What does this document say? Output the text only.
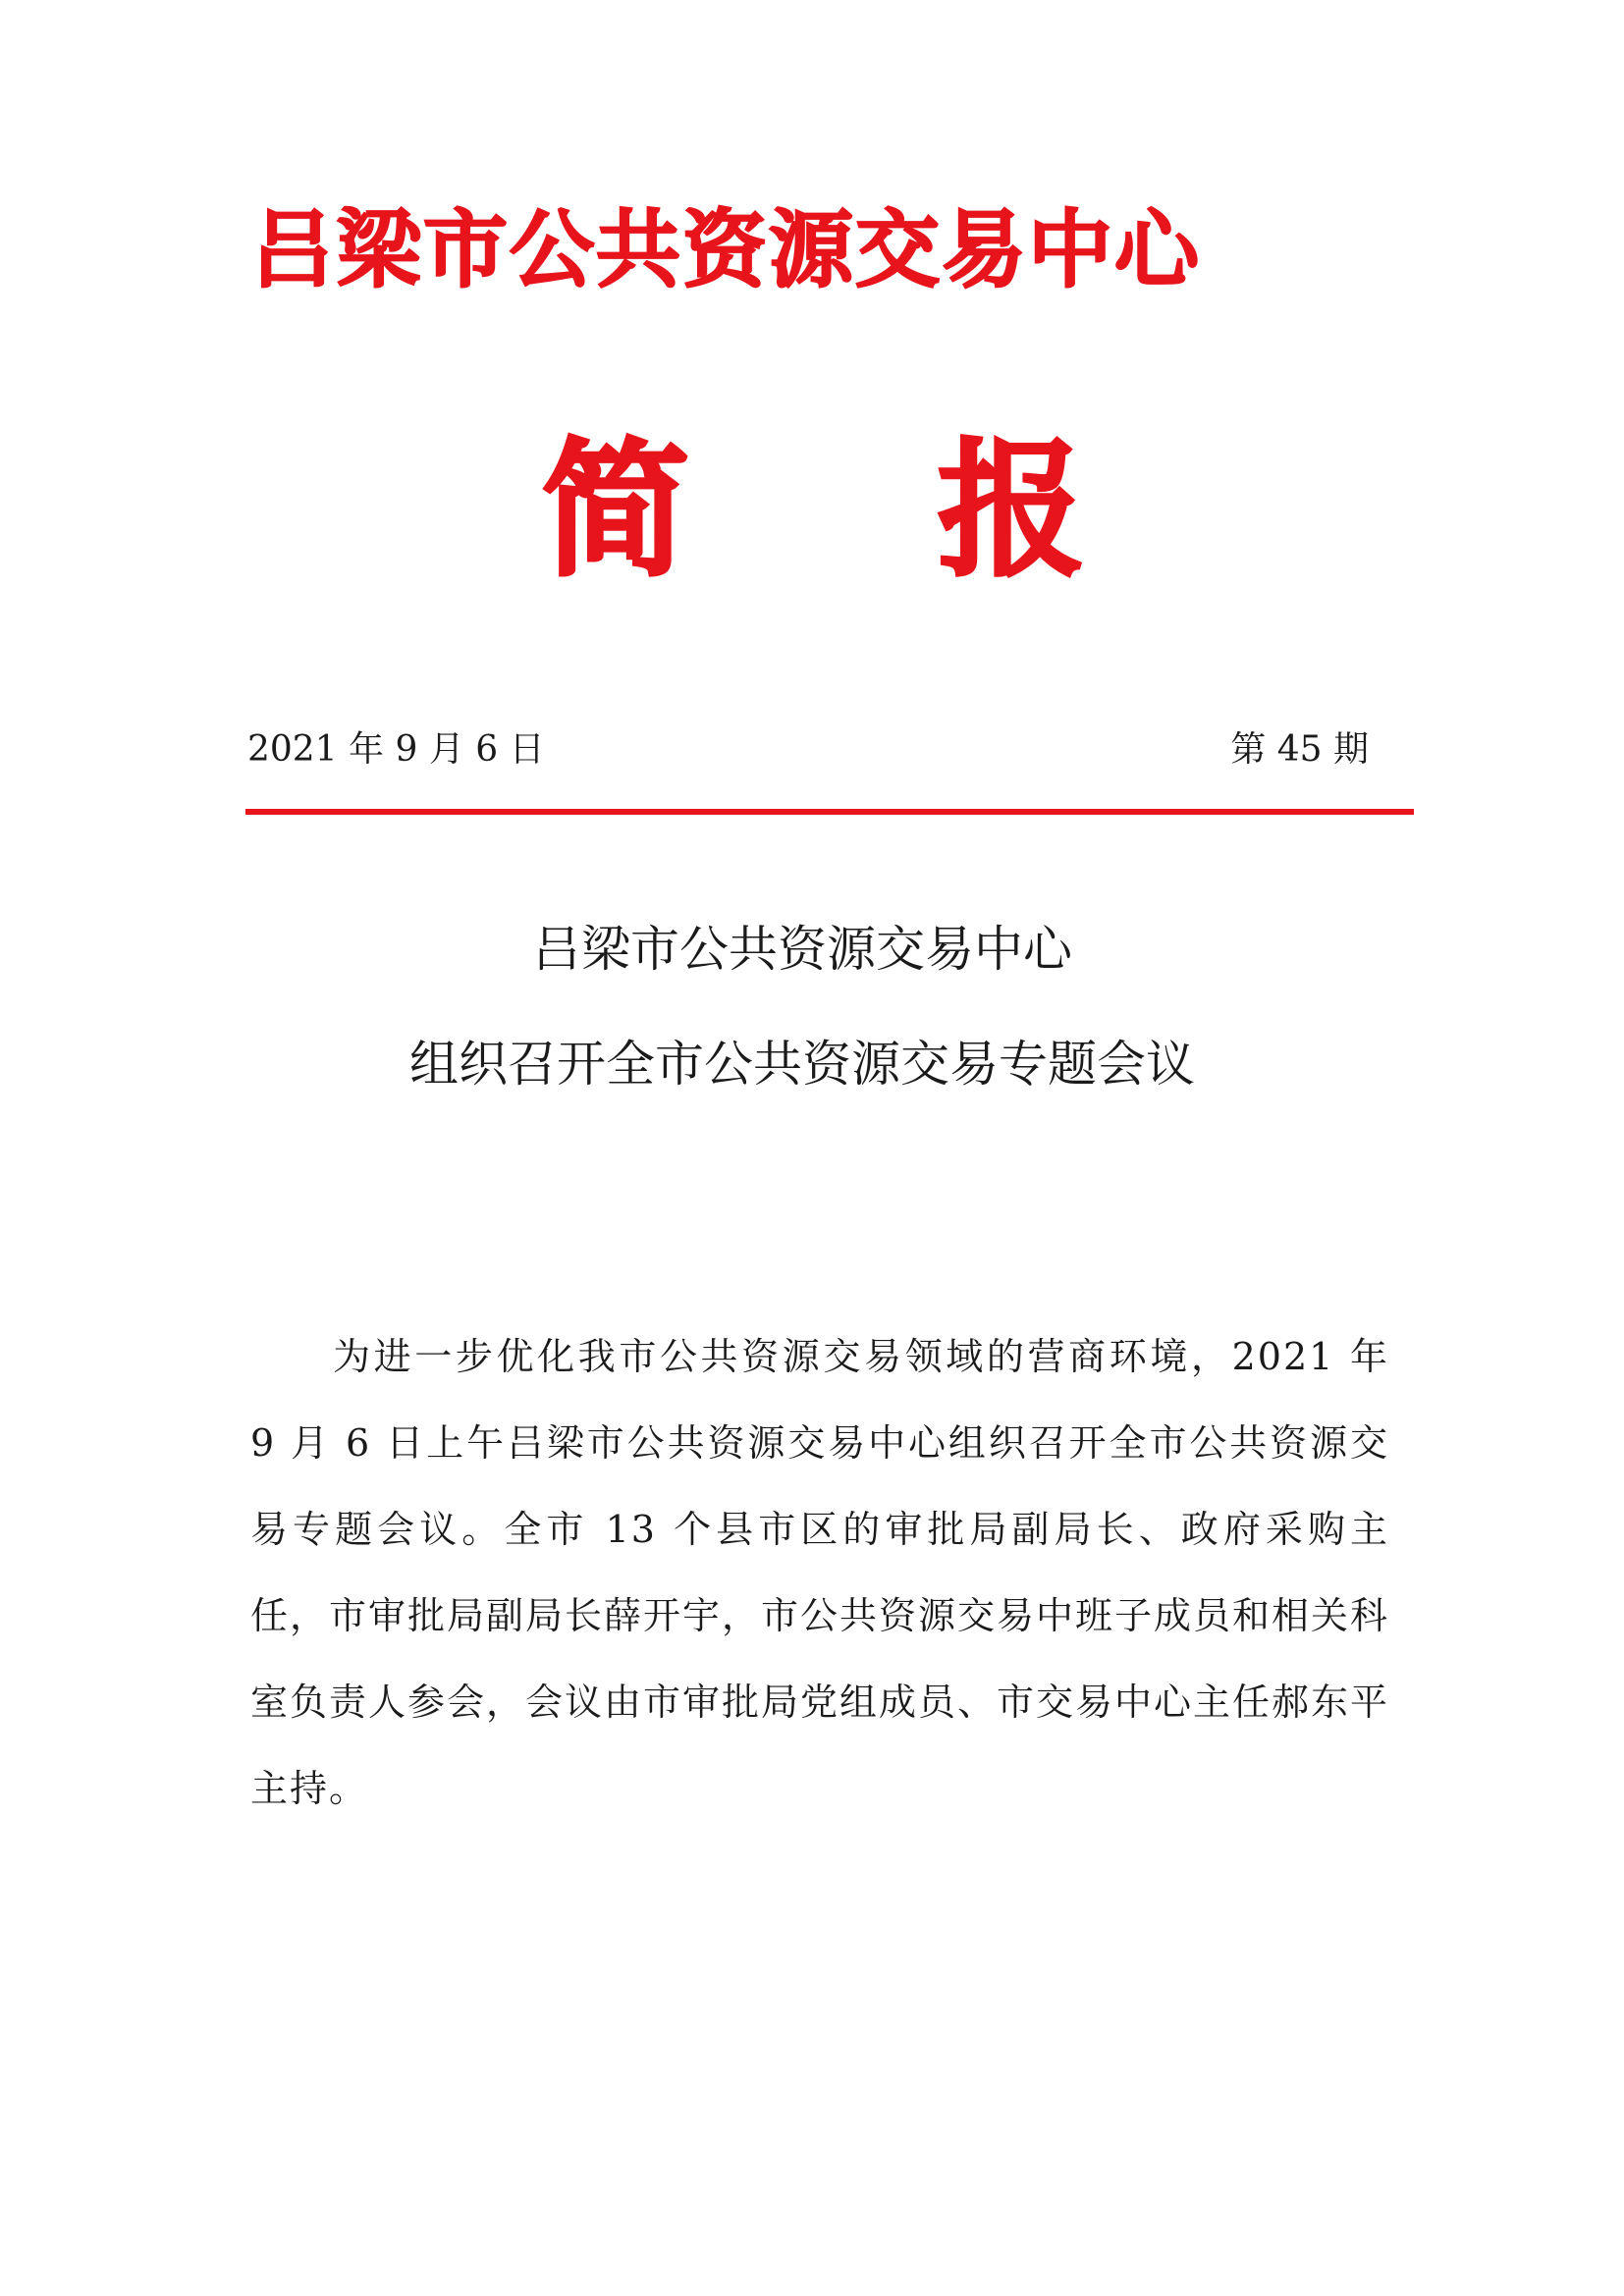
吕梁市公共资源交易中心
简 报
2021 年 9 月 6 日	第 45 期
吕梁市公共资源交易中心
组织召开全市公共资源交易专题会议

为进一步优化我市公共资源交易领域的营商环境，2021 年 9 月 6 日上午吕梁市公共资源交易中心组织召开全市公共资源交易专题会议。全市 13 个县市区的审批局副局长、政府采购主任，市审批局副局长薛开宇，市公共资源交易中班子成员和相关科室负责人参会，会议由市审批局党组成员、市交易中心主任郝东平主持。
